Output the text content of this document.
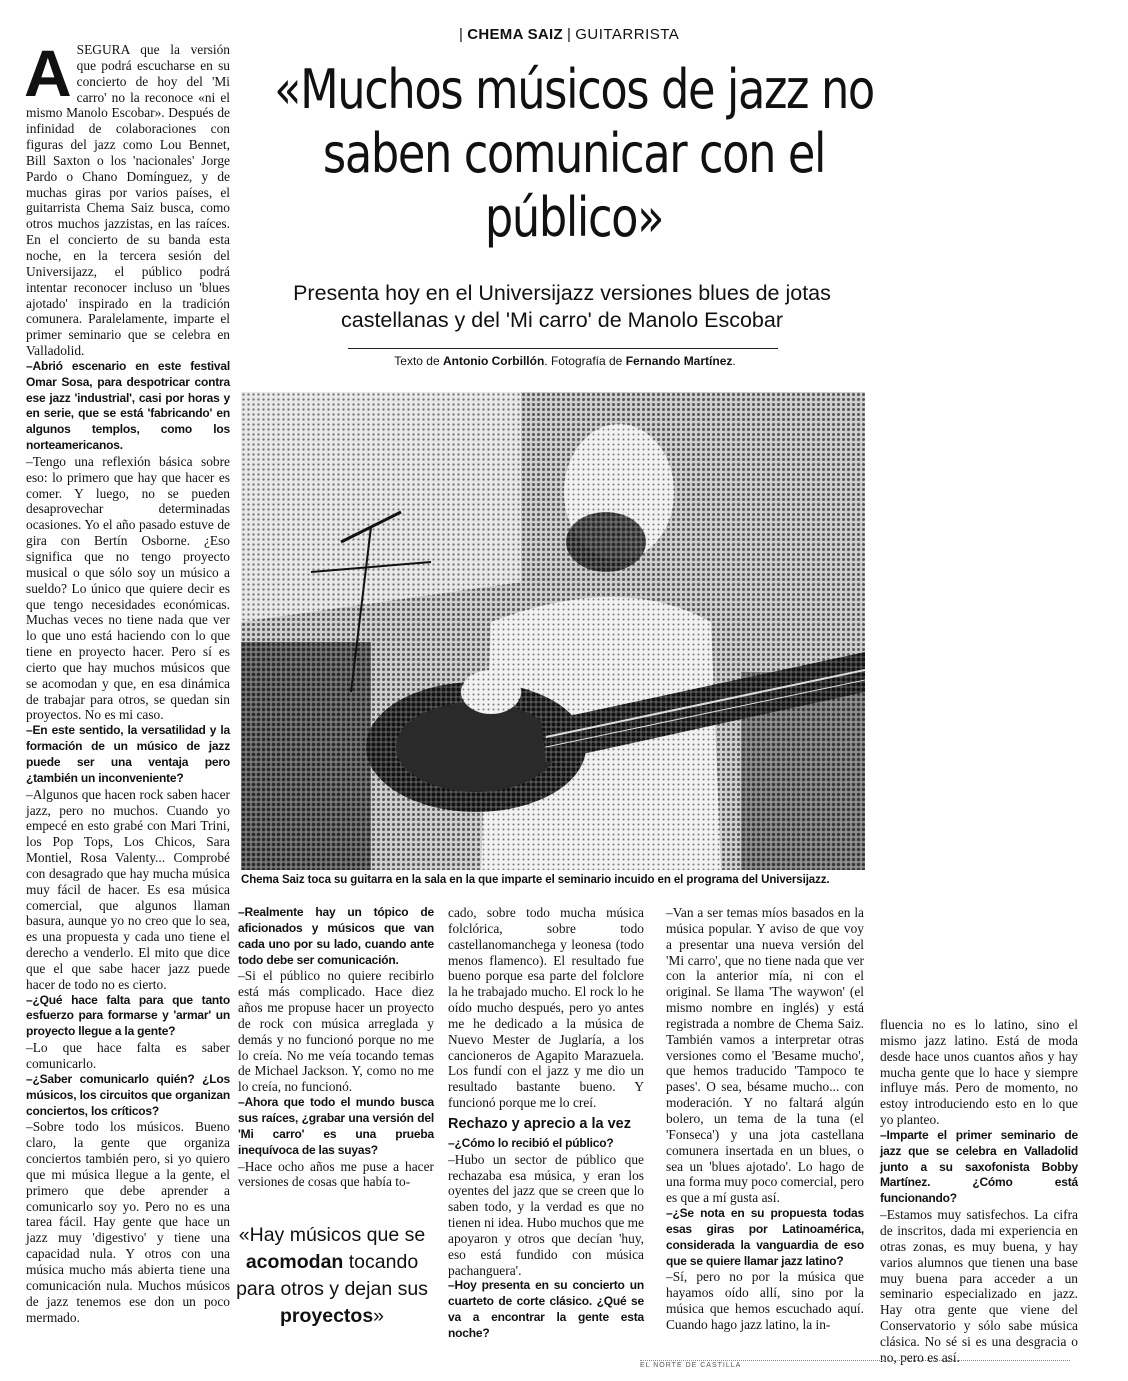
| CHEMA SAIZ | GUITARRISTA
«Muchos músicos de jazz no saben comunicar con el público»
Presenta hoy en el Universijazz versiones blues de jotas castellanas y del 'Mi carro' de Manolo Escobar
Texto de Antonio Corbillón. Fotografía de Fernando Martínez.
Chema Saiz toca su guitarra en la sala en la que imparte el seminario incuido en el programa del Universijazz.
A SEGURA que la versión que podrá escucharse en su concierto de hoy del 'Mi carro' no la reconoce «ni el mismo Manolo Escobar». Después de infinidad de colaboraciones con figuras del jazz como Lou Bennet, Bill Saxton o los 'nacionales' Jorge Pardo o Chano Domínguez, y de muchas giras por varios países, el guitarrista Chema Saiz busca, como otros muchos jazzistas, en las raíces. En el concierto de su banda esta noche, en la tercera sesión del Universijazz, el público podrá intentar reconocer incluso un 'blues ajotado' inspirado en la tradición comunera. Paralelamente, imparte el primer seminario que se celebra en Valladolid.

–Abrió escenario en este festival Omar Sosa, para despotricar contra ese jazz 'industrial', casi por horas y en serie, que se está 'fabricando' en algunos templos, como los norteamericanos.

–Tengo una reflexión básica sobre eso: lo primero que hay que hacer es comer. Y luego, no se pueden desaprovechar determinadas ocasiones. Yo el año pasado estuve de gira con Bertín Osborne. ¿Eso significa que no tengo proyecto musical o que sólo soy un músico a sueldo? Lo único que quiere decir es que tengo necesidades económicas. Muchas veces no tiene nada que ver lo que uno está haciendo con lo que tiene en proyecto hacer. Pero sí es cierto que hay muchos músicos que se acomodan y que, en esa dinámica de trabajar para otros, se quedan sin proyectos. No es mi caso.

–En este sentido, la versatilidad y la formación de un músico de jazz puede ser una ventaja pero ¿también un inconveniente?

–Algunos que hacen rock saben hacer jazz, pero no muchos. Cuando yo empecé en esto grabé con Mari Trini, los Pop Tops, Los Chicos, Sara Montiel, Rosa Valenty... Comprobé con desagrado que hay mucha música muy fácil de hacer. Es esa música comercial, que algunos llaman basura, aunque yo no creo que lo sea, es una propuesta y cada uno tiene el derecho a venderlo. El mito que dice que el que sabe hacer jazz puede hacer de todo no es cierto.

–¿Qué hace falta para que tanto esfuerzo para formarse y 'armar' un proyecto llegue a la gente?

–Lo que hace falta es saber comunicarlo.

–¿Saber comunicarlo quién? ¿Los músicos, los circuitos que organizan conciertos, los críticos?

–Sobre todo los músicos. Bueno claro, la gente que organiza conciertos también pero, si yo quiero que mi música llegue a la gente, el primero que debe aprender a comunicarlo soy yo. Pero no es una tarea fácil. Hay gente que hace un jazz muy 'digestivo' y tiene una capacidad nula. Y otros con una música mucho más abierta tiene una comunicación nula. Muchos músicos de jazz tenemos ese don un poco mermado.

–Realmente hay un tópico de aficionados y músicos que van cada uno por su lado, cuando ante todo debe ser comunicación.

–Si el público no quiere recibirlo está más complicado. Hace diez años me propuse hacer un proyecto de rock con música arreglada y demás y no funcionó porque no me lo creía. No me veía tocando temas de Michael Jackson. Y, como no me lo creía, no funcionó.

–Ahora que todo el mundo busca sus raíces, ¿grabar una versión del 'Mi carro' es una prueba inequívoca de las suyas?

–Hace ocho años me puse a hacer versiones de cosas que había to-

«Hay músicos que se acomodan tocando para otros y dejan sus proyectos»

cado, sobre todo mucha música folclórica, sobre todo castellanomanchega y leonesa (todo menos flamenco). El resultado fue bueno porque esa parte del folclore la he trabajado mucho. El rock lo he oído mucho después, pero yo antes me he dedicado a la música de Nuevo Mester de Juglaría, a los cancioneros de Agapito Marazuela. Los fundí con el jazz y me dio un resultado bastante bueno. Y funcionó porque me lo creí.

Rechazo y aprecio a la vez

–¿Cómo lo recibió el público?

–Hubo un sector de público que rechazaba esa música, y eran los oyentes del jazz que se creen que lo saben todo, y la verdad es que no tienen ni idea. Hubo muchos que me apoyaron y otros que decían 'huy, eso está fundido con música pachanguera'.

–Hoy presenta en su concierto un cuarteto de corte clásico. ¿Qué se va a encontrar la gente esta noche?

–Van a ser temas míos basados en la música popular. Y aviso de que voy a presentar una nueva versión del 'Mi carro', que no tiene nada que ver con la anterior mía, ni con el original. Se llama 'The waywon' (el mismo nombre en inglés) y está registrada a nombre de Chema Saiz. También vamos a interpretar otras versiones como el 'Besame mucho', que hemos traducido 'Tampoco te pases'. O sea, bésame mucho... con moderación. Y no faltará algún bolero, un tema de la tuna (el 'Fonseca') y una jota castellana comunera insertada en un blues, o sea un 'blues ajotado'. Lo hago de una forma muy poco comercial, pero es que a mí gusta así.

–¿Se nota en su propuesta todas esas giras por Latinoamérica, considerada la vanguardia de eso que se quiere llamar jazz latino?

–Sí, pero no por la música que hayamos oído allí, sino por la música que hemos escuchado aquí. Cuando hago jazz latino, la in-

fluencia no es lo latino, sino el mismo jazz latino. Está de moda desde hace unos cuantos años y hay mucha gente que lo hace y siempre influye más. Pero de momento, no estoy introduciendo esto en lo que yo planteo.

–Imparte el primer seminario de jazz que se celebra en Valladolid junto a su saxofonista Bobby Martínez. ¿Cómo está funcionando?

–Estamos muy satisfechos. La cifra de inscritos, dada mi experiencia en otras zonas, es muy buena, y hay varios alumnos que tienen una base muy buena para acceder a un seminario especializado en jazz. Hay otra gente que viene del Conservatorio y sólo sabe música clásica. No sé si es una desgracia o no, pero es así.

EL NORTE DE CASTILLA
